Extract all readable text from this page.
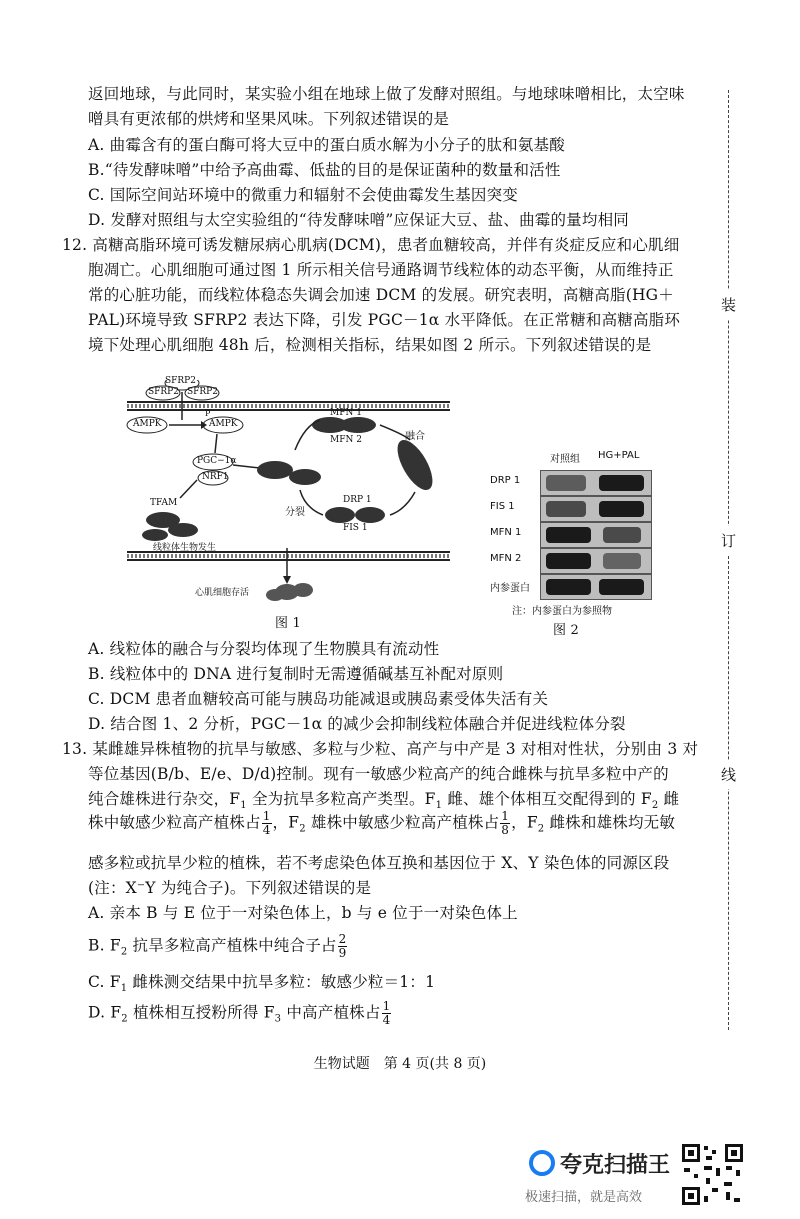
返回地球，与此同时，某实验小组在地球上做了发酵对照组。与地球味噌相比，太空味
噌具有更浓郁的烘烤和坚果风味。下列叙述错误的是
A. 曲霉含有的蛋白酶可将大豆中的蛋白质水解为小分子的肽和氨基酸
B.“待发酵味噌”中给予高曲霉、低盐的目的是保证菌种的数量和活性
C. 国际空间站环境中的微重力和辐射不会使曲霉发生基因突变
D. 发酵对照组与太空实验组的“待发酵味噌”应保证大豆、盐、曲霉的量均相同
12. 高糖高脂环境可诱发糖尿病心肌病(DCM)，患者血糖较高，并伴有炎症反应和心肌细
胞凋亡。心肌细胞可通过图 1 所示相关信号通路调节线粒体的动态平衡，从而维持正
常的心脏功能，而线粒体稳态失调会加速 DCM 的发展。研究表明，高糖高脂(HG＋
PAL)环境导致 SFRP2 表达下降，引发 PGC－1α 水平降低。在正常糖和高糖高脂环
境下处理心肌细胞 48h 后，检测相关指标，结果如图 2 所示。下列叙述错误的是
SFRP2
SFRP2 SFRP2
AMPK	AMPK
P
PGC−1α
NRF1
TFAM
线粒体生物发生
MFN 1
MFN 2	融合
分裂
DRP 1
FIS 1
心肌细胞存活
图 1
对照组 HG+PAL
DRP 1
FIS 1
MFN 1
MFN 2
内参蛋白
注：内参蛋白为参照物
图 2
A. 线粒体的融合与分裂均体现了生物膜具有流动性
B. 线粒体中的 DNA 进行复制时无需遵循碱基互补配对原则
C. DCM 患者血糖较高可能与胰岛功能减退或胰岛素受体失活有关
D. 结合图 1、2 分析，PGC－1α 的减少会抑制线粒体融合并促进线粒体分裂
13. 某雌雄异株植物的抗旱与敏感、多粒与少粒、高产与中产是 3 对相对性状，分别由 3 对
等位基因(B/b、E/e、D/d)控制。现有一敏感少粒高产的纯合雌株与抗旱多粒中产的
纯合雄株进行杂交，$F_1$ 全为抗旱多粒高产类型。$F_1$ 雌、雄个体相互交配得到的 $F_2$ 雌
株中敏感少粒高产植株占 $\frac{1}{4}$ ，$F_2$ 雄株中敏感少粒高产植株占 $\frac{1}{8}$ ，$F_2$ 雌株和雄株均无敏
感多粒或抗旱少粒的植株，若不考虑染色体互换和基因位于 X、Y 染色体的同源区段
(注：X⁻Y 为纯合子)。下列叙述错误的是
A. 亲本 B 与 E 位于一对染色体上，b 与 e 位于一对染色体上
B. $F_2$ 抗旱多粒高产植株中纯合子占 $\frac{2}{9}$
C. $F_1$ 雌株测交结果中抗旱多粒：敏感少粒＝1：1
D. $F_2$ 植株相互授粉所得 $F_3$ 中高产植株占 $\frac{1}{4}$
装
订
线
生物试题　第 4 页(共 8 页)
夸克扫描王
极速扫描，就是高效
